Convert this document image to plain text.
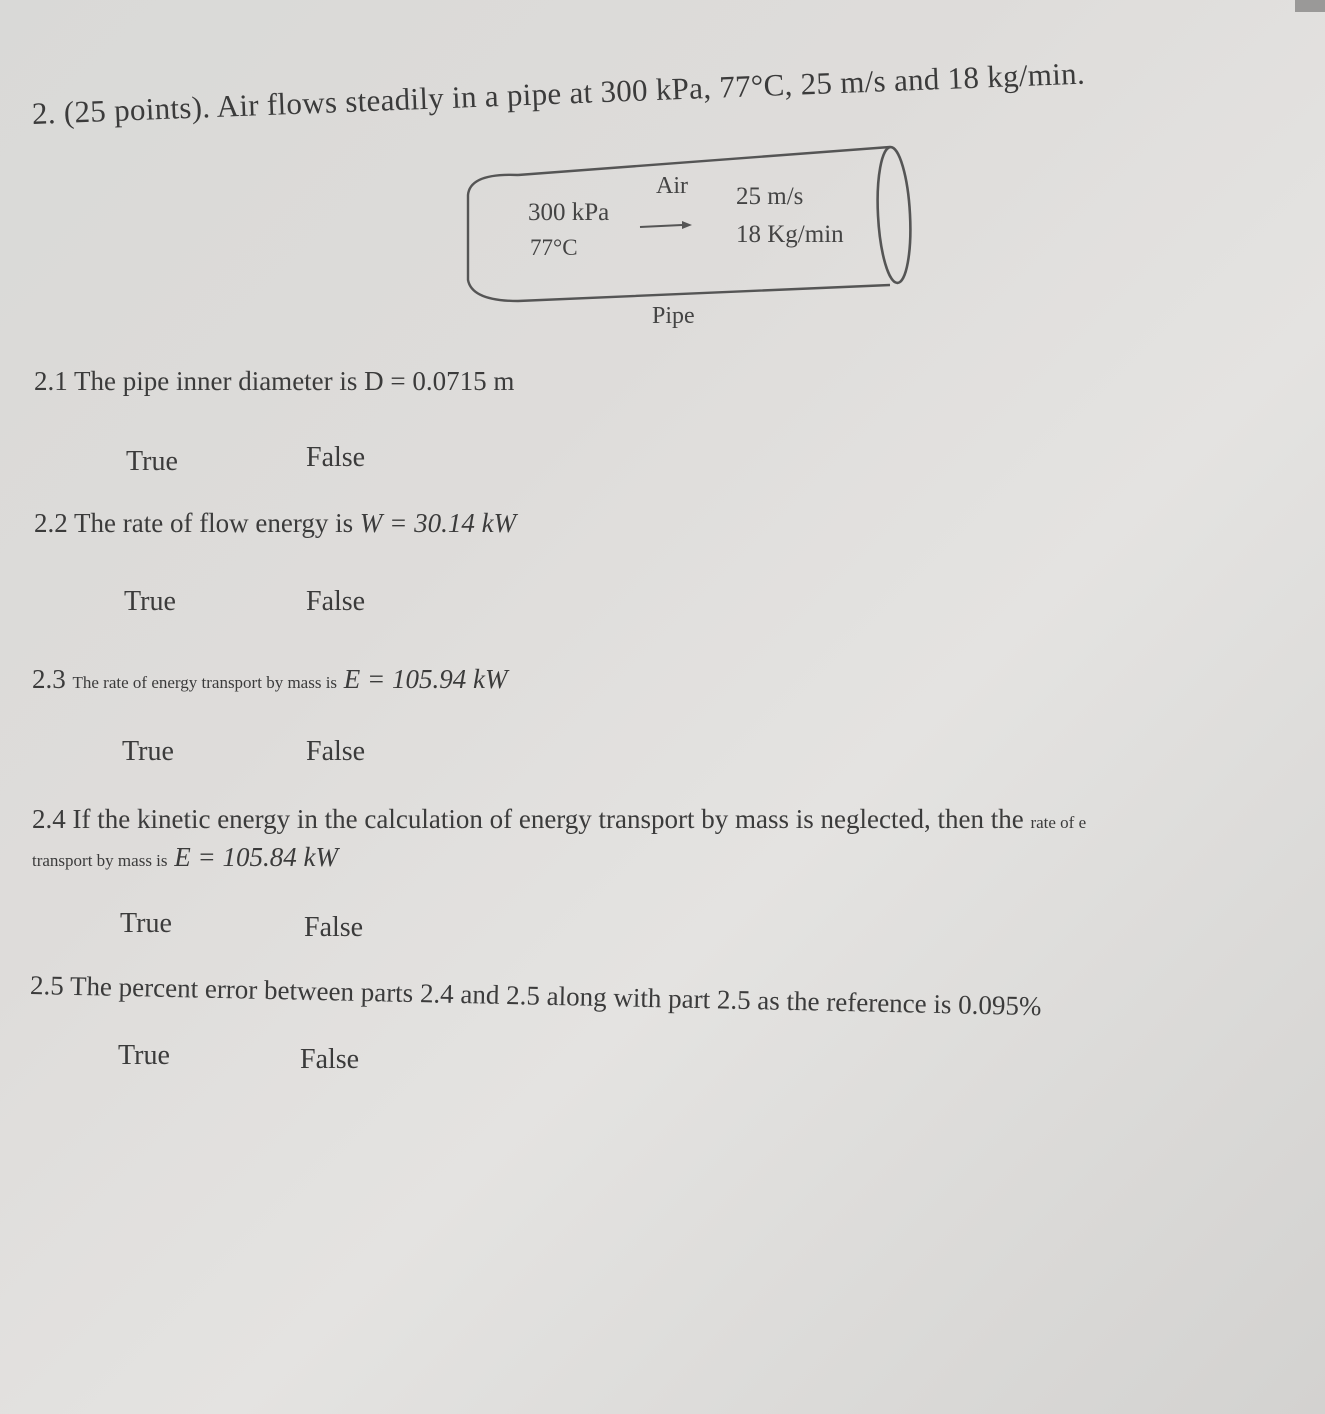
2. (25 points). Air flows steadily in a pipe at 300 kPa, 77°C, 25 m/s and 18 kg/min.
300 kPa
77°C
Air 25 m/s
18 Kg/min
Pipe
2.1 The pipe inner diameter is D = 0.0715 m
True	False
2.2 The rate of flow energy is W = 30.14 kW
True	False
2.3 The rate of energy transport by mass is E = 105.94 kW
True	False
2.4 If the kinetic energy in the calculation of energy transport by mass is neglected, then the rate of e
transport by mass is E = 105.84 kW
True	False
2.5 The percent error between parts 2.4 and 2.5 along with part 2.5 as the reference is 0.095%
True	False
